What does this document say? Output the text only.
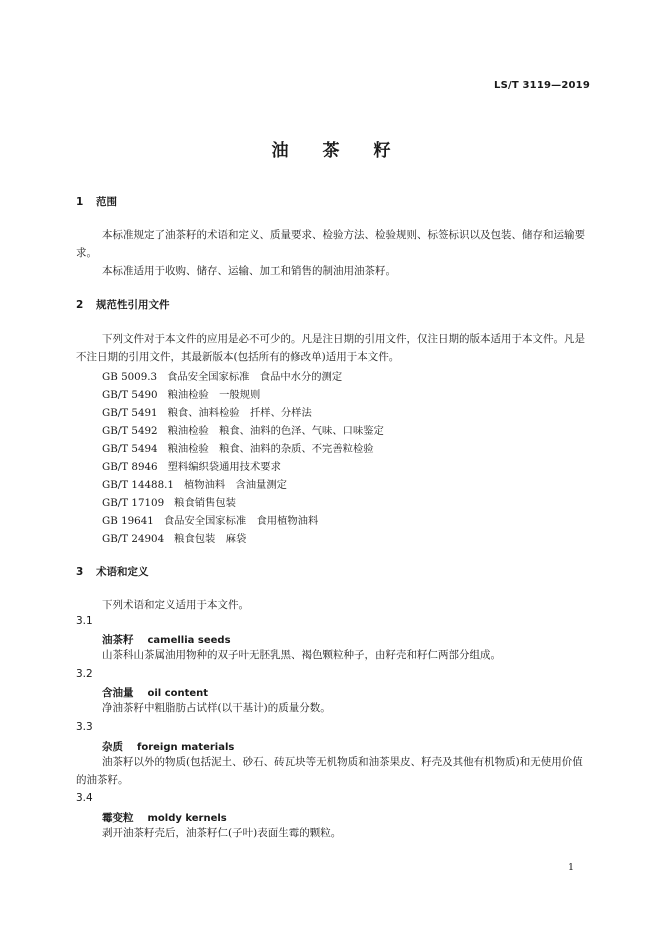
LS/T 3119—2019
油茶籽
1 范围
本标准规定了油茶籽的术语和定义、质量要求、检验方法、检验规则、标签标识以及包装、储存和运输要求。
本标准适用于收购、储存、运输、加工和销售的制油用油茶籽。
2 规范性引用文件
下列文件对于本文件的应用是必不可少的。凡是注日期的引用文件，仅注日期的版本适用于本文件。凡是不注日期的引用文件，其最新版本(包括所有的修改单)适用于本文件。
GB 5009.3 食品安全国家标准　食品中水分的测定
GB/T 5490 粮油检验　一般规则
GB/T 5491 粮食、油料检验　扦样、分样法
GB/T 5492 粮油检验　粮食、油料的色泽、气味、口味鉴定
GB/T 5494 粮油检验　粮食、油料的杂质、不完善粒检验
GB/T 8946 塑料编织袋通用技术要求
GB/T 14488.1 植物油料　含油量测定
GB/T 17109 粮食销售包装
GB 19641 食品安全国家标准　食用植物油料
GB/T 24904 粮食包装　麻袋
3 术语和定义
下列术语和定义适用于本文件。
3.1
油茶籽 camellia seeds
山茶科山茶属油用物种的双子叶无胚乳黑、褐色颗粒种子，由籽壳和籽仁两部分组成。
3.2
含油量 oil content
净油茶籽中粗脂肪占试样(以干基计)的质量分数。
3.3
杂质 foreign materials
油茶籽以外的物质(包括泥土、砂石、砖瓦块等无机物质和油茶果皮、籽壳及其他有机物质)和无使用价值的油茶籽。
3.4
霉变粒 moldy kernels
剥开油茶籽壳后，油茶籽仁(子叶)表面生霉的颗粒。
1
